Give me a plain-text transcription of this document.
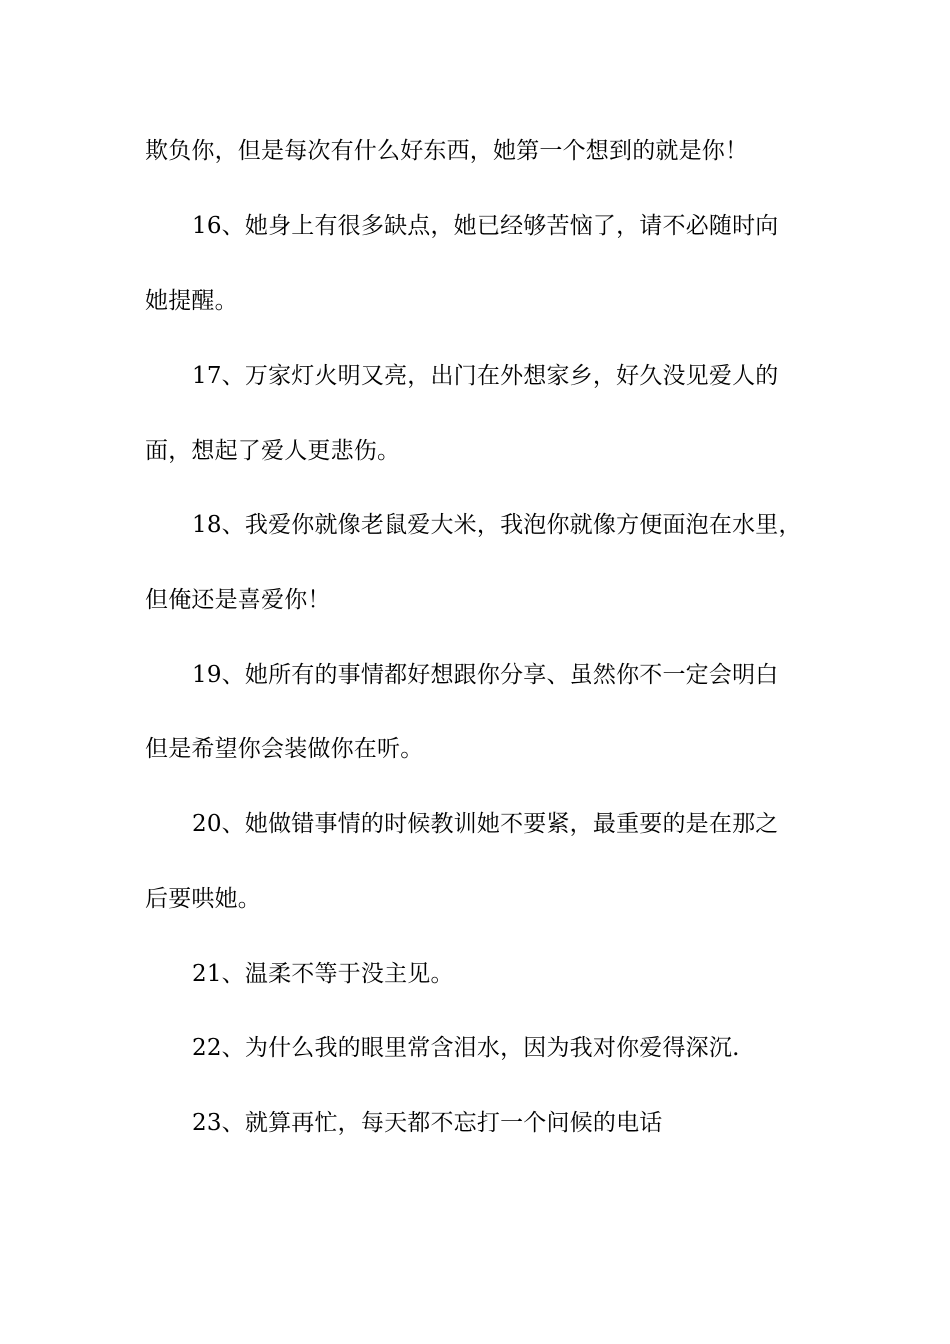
欺负你，但是每次有什么好东西，她第一个想到的就是你！
16、她身上有很多缺点，她已经够苦恼了，请不必随时向
她提醒。
17、万家灯火明又亮，出门在外想家乡，好久没见爱人的
面，想起了爱人更悲伤。
18、我爱你就像老鼠爱大米，我泡你就像方便面泡在水里，
但俺还是喜爱你！
19、她所有的事情都好想跟你分享、虽然你不一定会明白
但是希望你会装做你在听。
20、她做错事情的时候教训她不要紧，最重要的是在那之
后要哄她。
21、温柔不等于没主见。
22、为什么我的眼里常含泪水，因为我对你爱得深沉.
23、就算再忙，每天都不忘打一个问候的电话
